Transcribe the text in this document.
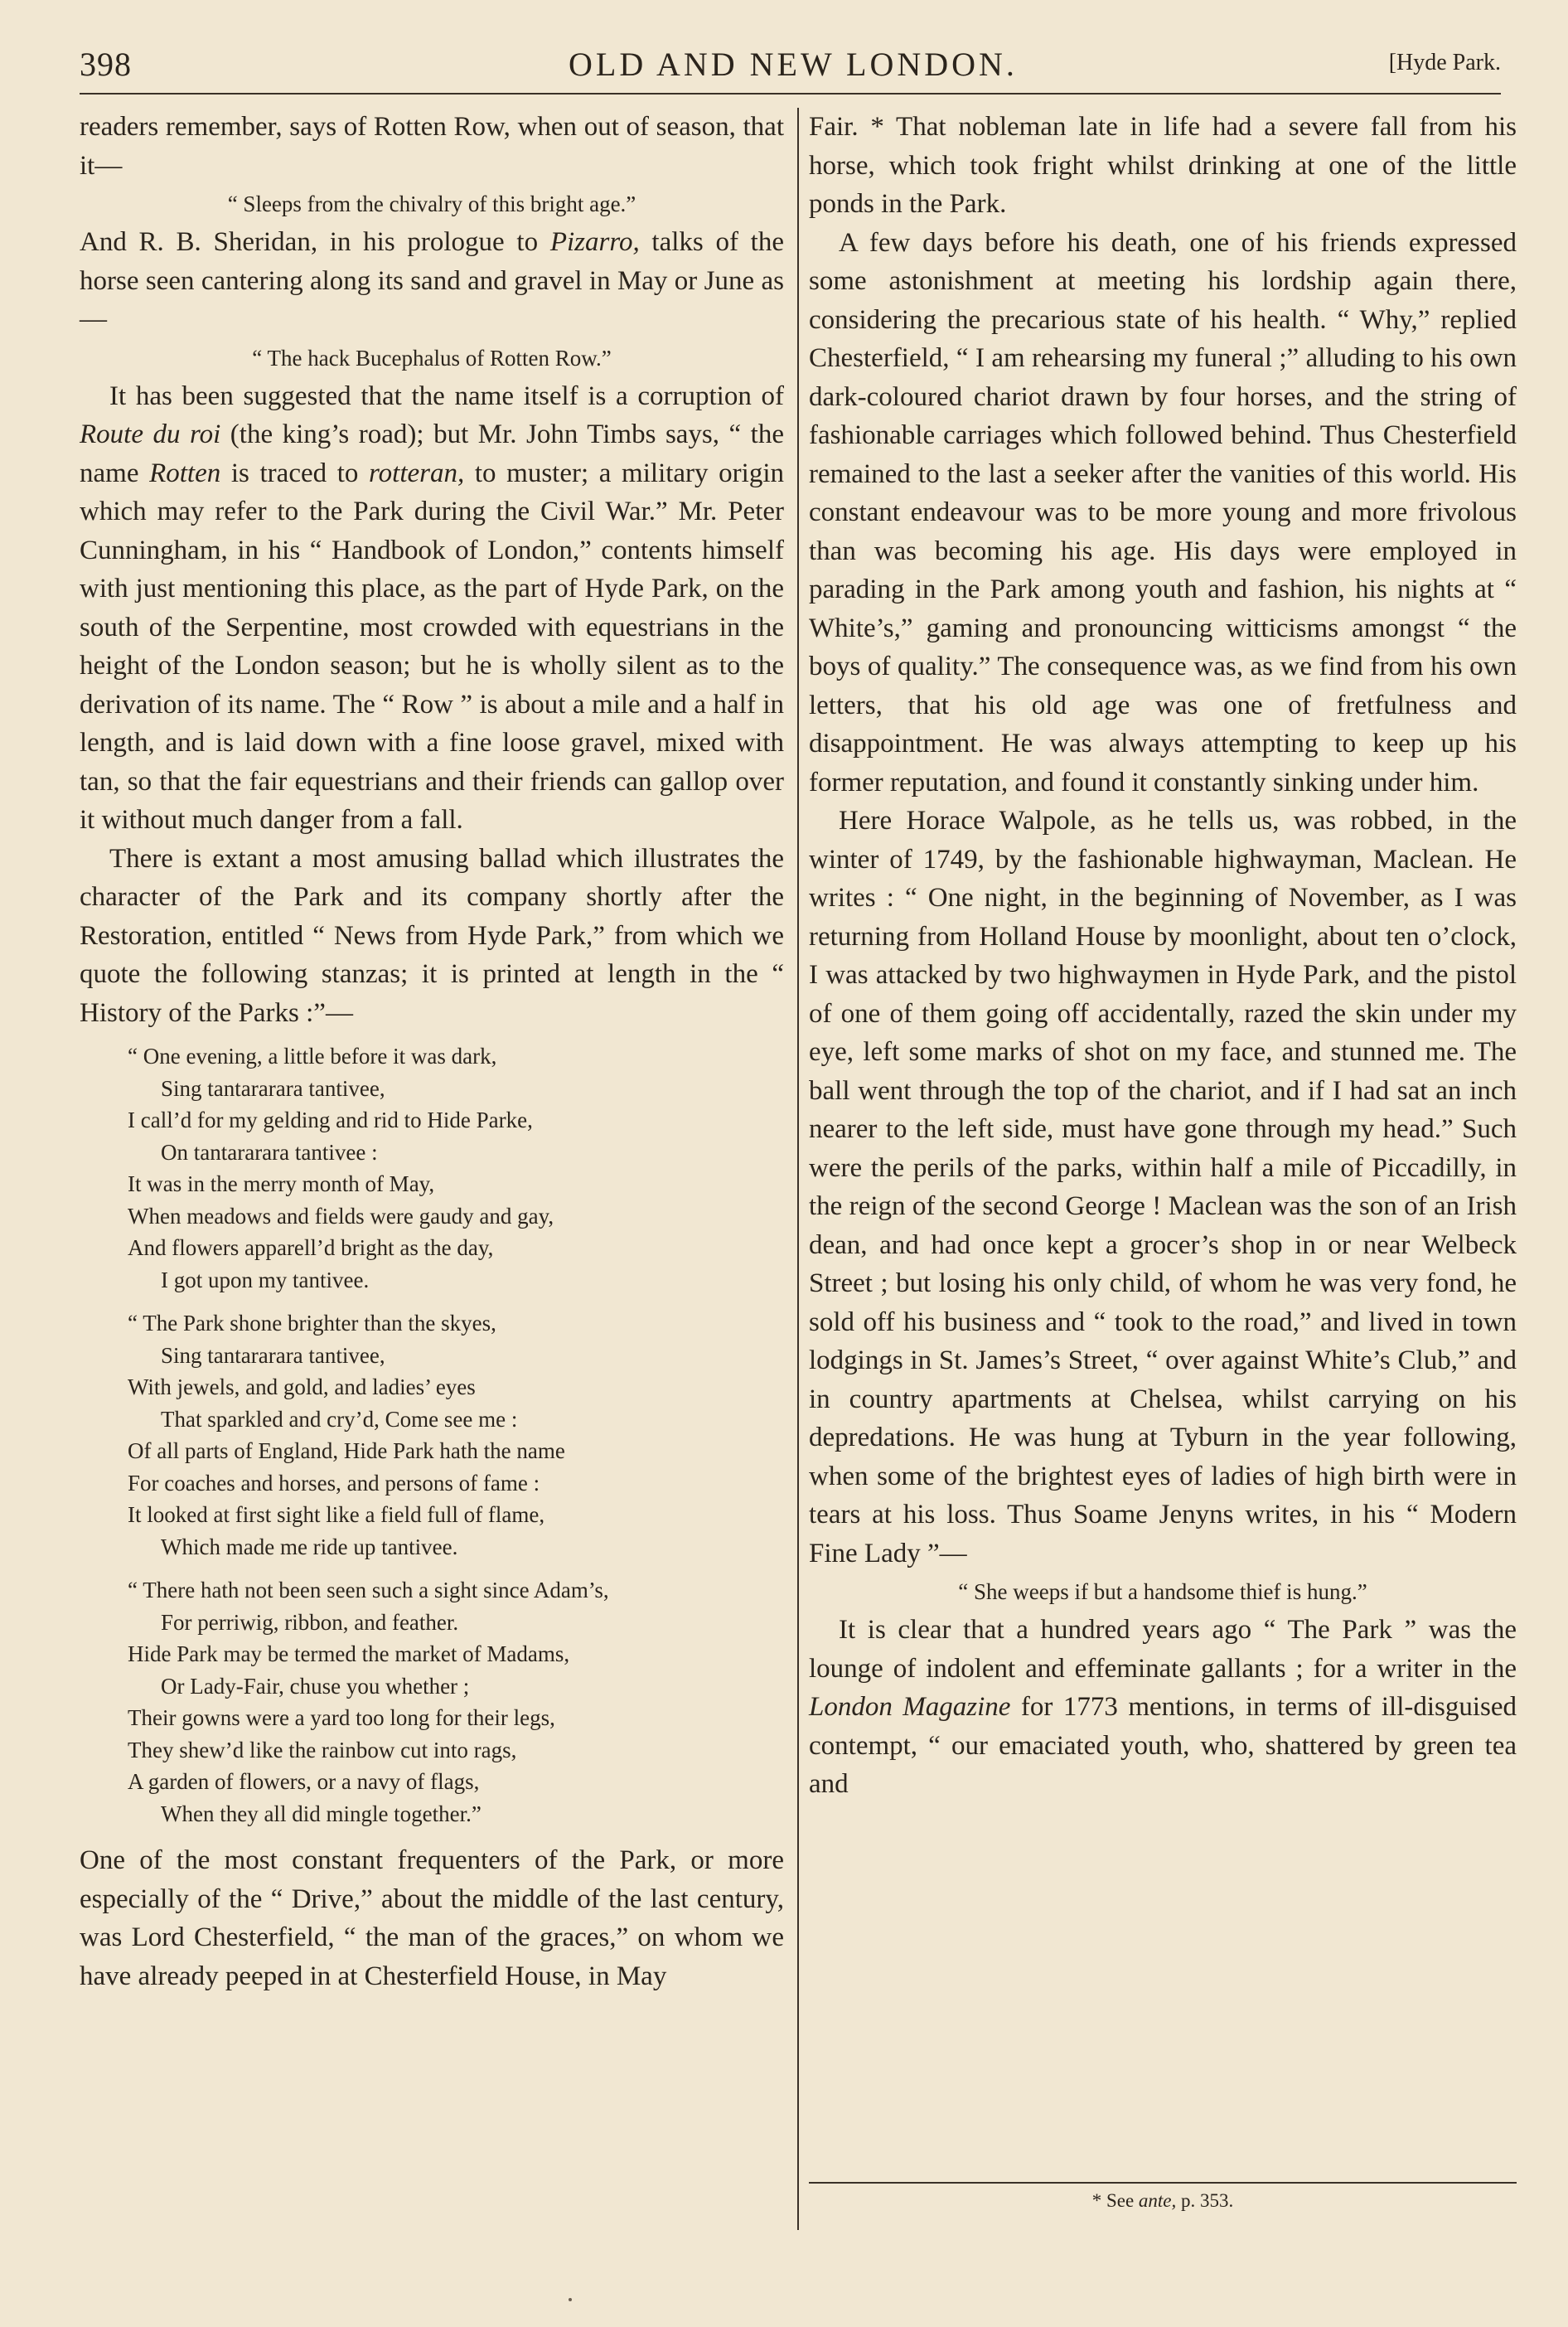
398	OLD AND NEW LONDON.	[Hyde Park.

readers remember, says of Rotten Row, when out of season, that it—

“ Sleeps from the chivalry of this bright age.”

And R. B. Sheridan, in his prologue to Pizarro, talks of the horse seen cantering along its sand and gravel in May or June as—

“ The hack Bucephalus of Rotten Row.”

It has been suggested that the name itself is a corruption of Route du roi (the king’s road); but Mr. John Timbs says, “ the name Rotten is traced to rotteran, to muster; a military origin which may refer to the Park during the Civil War.” Mr. Peter Cunningham, in his “ Handbook of London,” contents himself with just mentioning this place, as the part of Hyde Park, on the south of the Serpentine, most crowded with equestrians in the height of the London season; but he is wholly silent as to the derivation of its name. The “ Row ” is about a mile and a half in length, and is laid down with a fine loose gravel, mixed with tan, so that the fair equestrians and their friends can gallop over it without much danger from a fall.

There is extant a most amusing ballad which illustrates the character of the Park and its company shortly after the Restoration, entitled “ News from Hyde Park,” from which we quote the following stanzas; it is printed at length in the “ History of the Parks :”—

“ One evening, a little before it was dark,

Sing tantararara tantivee,

I call’d for my gelding and rid to Hide Parke,

On tantararara tantivee :

It was in the merry month of May,

When meadows and fields were gaudy and gay,

And flowers apparell’d bright as the day,

I got upon my tantivee.

“ The Park shone brighter than the skyes,

Sing tantararara tantivee,

With jewels, and gold, and ladies’ eyes

That sparkled and cry’d, Come see me :

Of all parts of England, Hide Park hath the name

For coaches and horses, and persons of fame :

It looked at first sight like a field full of flame,

Which made me ride up tantivee.

“ There hath not been seen such a sight since Adam’s,

For perriwig, ribbon, and feather.

Hide Park may be termed the market of Madams,

Or Lady-Fair, chuse you whether ;

Their gowns were a yard too long for their legs,

They shew’d like the rainbow cut into rags,

A garden of flowers, or a navy of flags,

When they all did mingle together.”

One of the most constant frequenters of the Park, or more especially of the “ Drive,” about the middle of the last century, was Lord Chesterfield, “ the man of the graces,” on whom we have already peeped in at Chesterfield House, in May

Fair. * That nobleman late in life had a severe fall from his horse, which took fright whilst drinking at one of the little ponds in the Park.

A few days before his death, one of his friends expressed some astonishment at meeting his lordship again there, considering the precarious state of his health. “ Why,” replied Chesterfield, “ I am rehearsing my funeral ;” alluding to his own dark-coloured chariot drawn by four horses, and the string of fashionable carriages which followed behind. Thus Chesterfield remained to the last a seeker after the vanities of this world. His constant endeavour was to be more young and more frivolous than was becoming his age. His days were employed in parading in the Park among youth and fashion, his nights at “ White’s,” gaming and pronouncing witticisms amongst “ the boys of quality.” The consequence was, as we find from his own letters, that his old age was one of fretfulness and disappointment. He was always attempting to keep up his former reputation, and found it constantly sinking under him.

Here Horace Walpole, as he tells us, was robbed, in the winter of 1749, by the fashionable highwayman, Maclean. He writes : “ One night, in the beginning of November, as I was returning from Holland House by moonlight, about ten o’clock, I was attacked by two highwaymen in Hyde Park, and the pistol of one of them going off accidentally, razed the skin under my eye, left some marks of shot on my face, and stunned me. The ball went through the top of the chariot, and if I had sat an inch nearer to the left side, must have gone through my head.” Such were the perils of the parks, within half a mile of Piccadilly, in the reign of the second George ! Maclean was the son of an Irish dean, and had once kept a grocer’s shop in or near Welbeck Street ; but losing his only child, of whom he was very fond, he sold off his business and “ took to the road,” and lived in town lodgings in St. James’s Street, “ over against White’s Club,” and in country apartments at Chelsea, whilst carrying on his depredations. He was hung at Tyburn in the year following, when some of the brightest eyes of ladies of high birth were in tears at his loss. Thus Soame Jenyns writes, in his “ Modern Fine Lady ”—

“ She weeps if but a handsome thief is hung.”

It is clear that a hundred years ago “ The Park ” was the lounge of indolent and effeminate gallants ; for a writer in the London Magazine for 1773 mentions, in terms of ill-disguised contempt, “ our emaciated youth, who, shattered by green tea and

* See ante, p. 353.
